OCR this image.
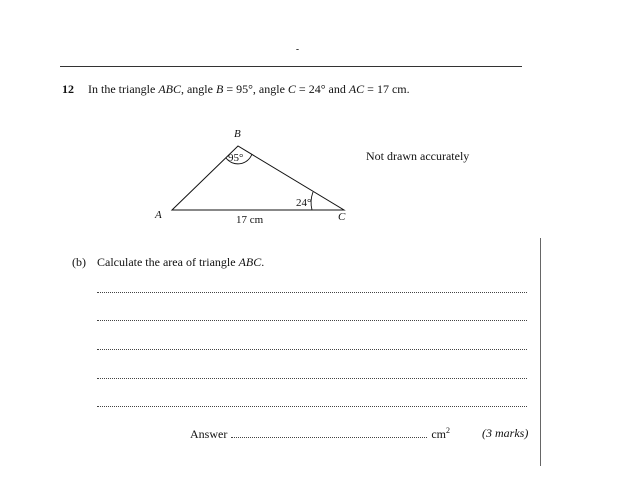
-
12 In the triangle ABC, angle B = 95°, angle C = 24° and AC = 17 cm.
Not drawn accurately
B
A	C
95°
24°
17 cm
(b) Calculate the area of triangle ABC.
Answer	$cm^2$	(3 marks)
